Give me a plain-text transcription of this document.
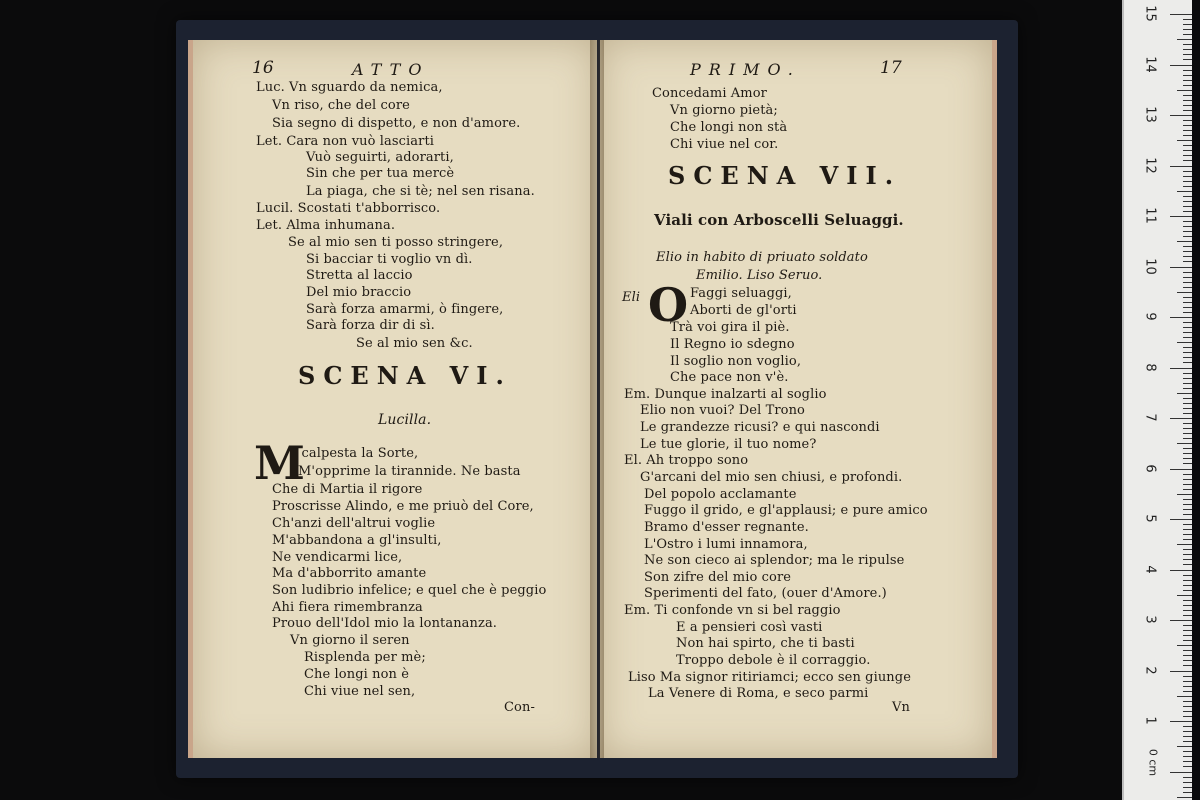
16	ATTO
Luc. Vn sguardo da nemica,
Vn riso, che del core
Sia segno di dispetto, e non d'amore.
Let. Cara non vuò lasciarti
Vuò seguirti, adorarti,
Sin che per tua mercè
La piaga, che si tè; nel sen risana.
Lucil. Scostati t'abborrisco.
Let. Alma inhumana.
Se al mio sen ti posso stringere,
Si bacciar ti voglio vn dì.
Stretta al laccio
Del mio braccio
Sarà forza amarmi, ò fingere,
Sarà forza dir di sì.
Se al mio sen &c.
SCENA VI.
Lucilla.
M
I calpesta la Sorte,
M'opprime la tirannide. Ne basta
Che di Martia il rigore
Proscrisse Alindo, e me priuò del Core,
Ch'anzi dell'altrui voglie
M'abbandona a gl'insulti,
Ne vendicarmi lice,
Ma d'abborrito amante
Son ludibrio infelice; e quel che è peggio
Ahi fiera rimembranza
Prouo dell'Idol mio la lontananza.
Vn giorno il seren
Risplenda per mè;
Che longi non è
Chi viue nel sen,
Con-
PRIMO.	17
Concedami Amor
Vn giorno pietà;
Che longi non stà
Chi viue nel cor.
SCENA VII.
Viali con Arboscelli Seluaggi.
Elio in habito di priuato soldato
Emilio. Liso Seruo.
Eli O Faggi seluaggi,
Aborti de gl'orti
Trà voi gira il piè.
Il Regno io sdegno
Il soglio non voglio,
Che pace non v'è.
Em. Dunque inalzarti al soglio
Elio non vuoi? Del Trono
Le grandezze ricusi? e qui nascondi
Le tue glorie, il tuo nome?
El. Ah troppo sono
G'arcani del mio sen chiusi, e profondi.
Del popolo acclamante
Fuggo il grido, e gl'applausi; e pure amico
Bramo d'esser regnante.
L'Ostro i lumi innamora,
Ne son cieco ai splendor; ma le ripulse
Son zifre del mio core
Sperimenti del fato, (ouer d'Amore.)
Em. Ti confonde vn si bel raggio
E a pensieri così vasti
Non hai spirto, che ti basti
Troppo debole è il corraggio.
Liso Ma signor ritiriamci; ecco sen giunge
La Venere di Roma, e seco parmi
Vn
15
14
13
12
11
10
9
8
7
6
5
4
3
2
1
0 cm
